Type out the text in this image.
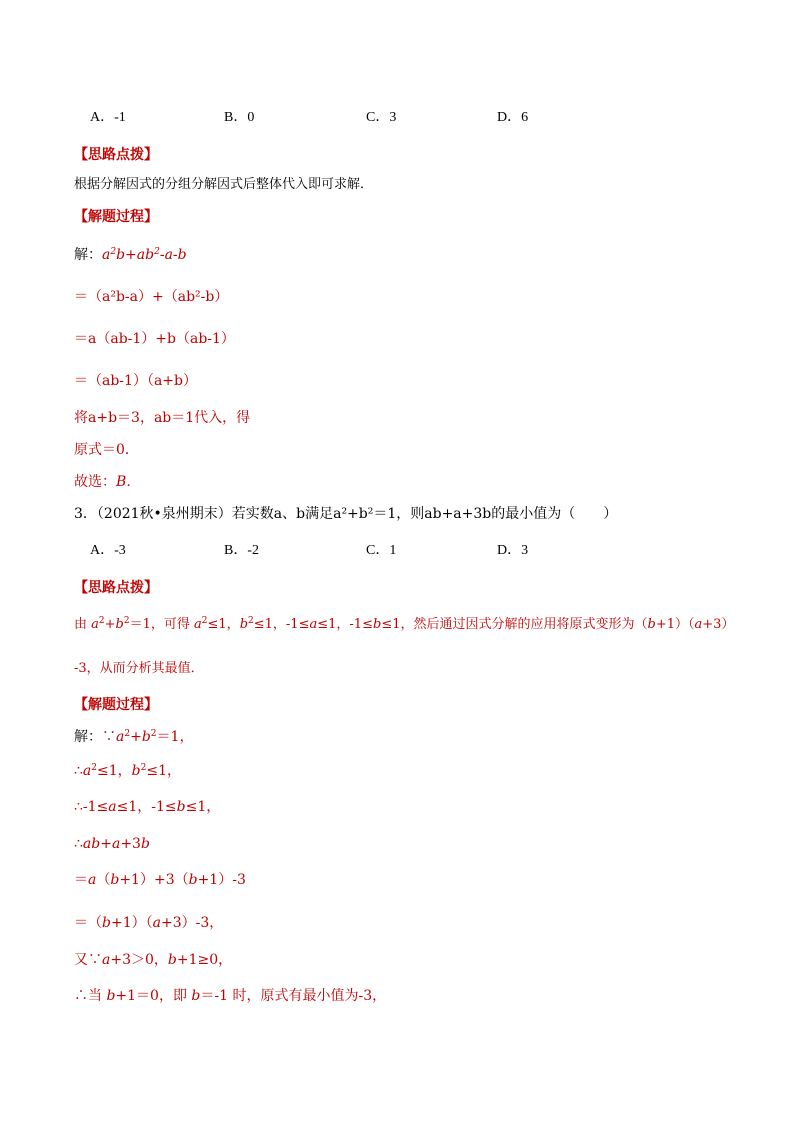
A．-1	B．0	C．3	D．6
【思路点拨】
根据分解因式的分组分解因式后整体代入即可求解．
【解题过程】
解：$a^2b+ab^2-a-b$
＝（a²b-a）+（ab²-b）
＝a（ab-1）+b（ab-1）
＝（ab-1）（a+b）
将a+b＝3，ab＝1代入，得
原式＝0．
故选：B．
3．（2021秋•泉州期末）若实数a、b满足a²+b²＝1，则ab+a+3b的最小值为（　　）
A．-3	B．-2	C．1	D．3
【思路点拨】
由 $a^2+b^2=1$，可得 $a^2\le 1$，$b^2\le 1$，-1≤a≤1，-1≤b≤1，然后通过因式分解的应用将原式变形为（b+1）（a+3）
-3，从而分析其最值．
【解题过程】
解：$\because a^2+b^2=1$，
$\therefore a^2\le 1$，$b^2\le 1$，
∴-1≤a≤1，-1≤b≤1，
∴ab+a+3b
＝a（b+1）+3（b+1）-3
＝（b+1）（a+3）-3，
又∵a+3＞0，b+1≥0，
∴当 b+1＝0，即 b＝-1 时，原式有最小值为-3，
